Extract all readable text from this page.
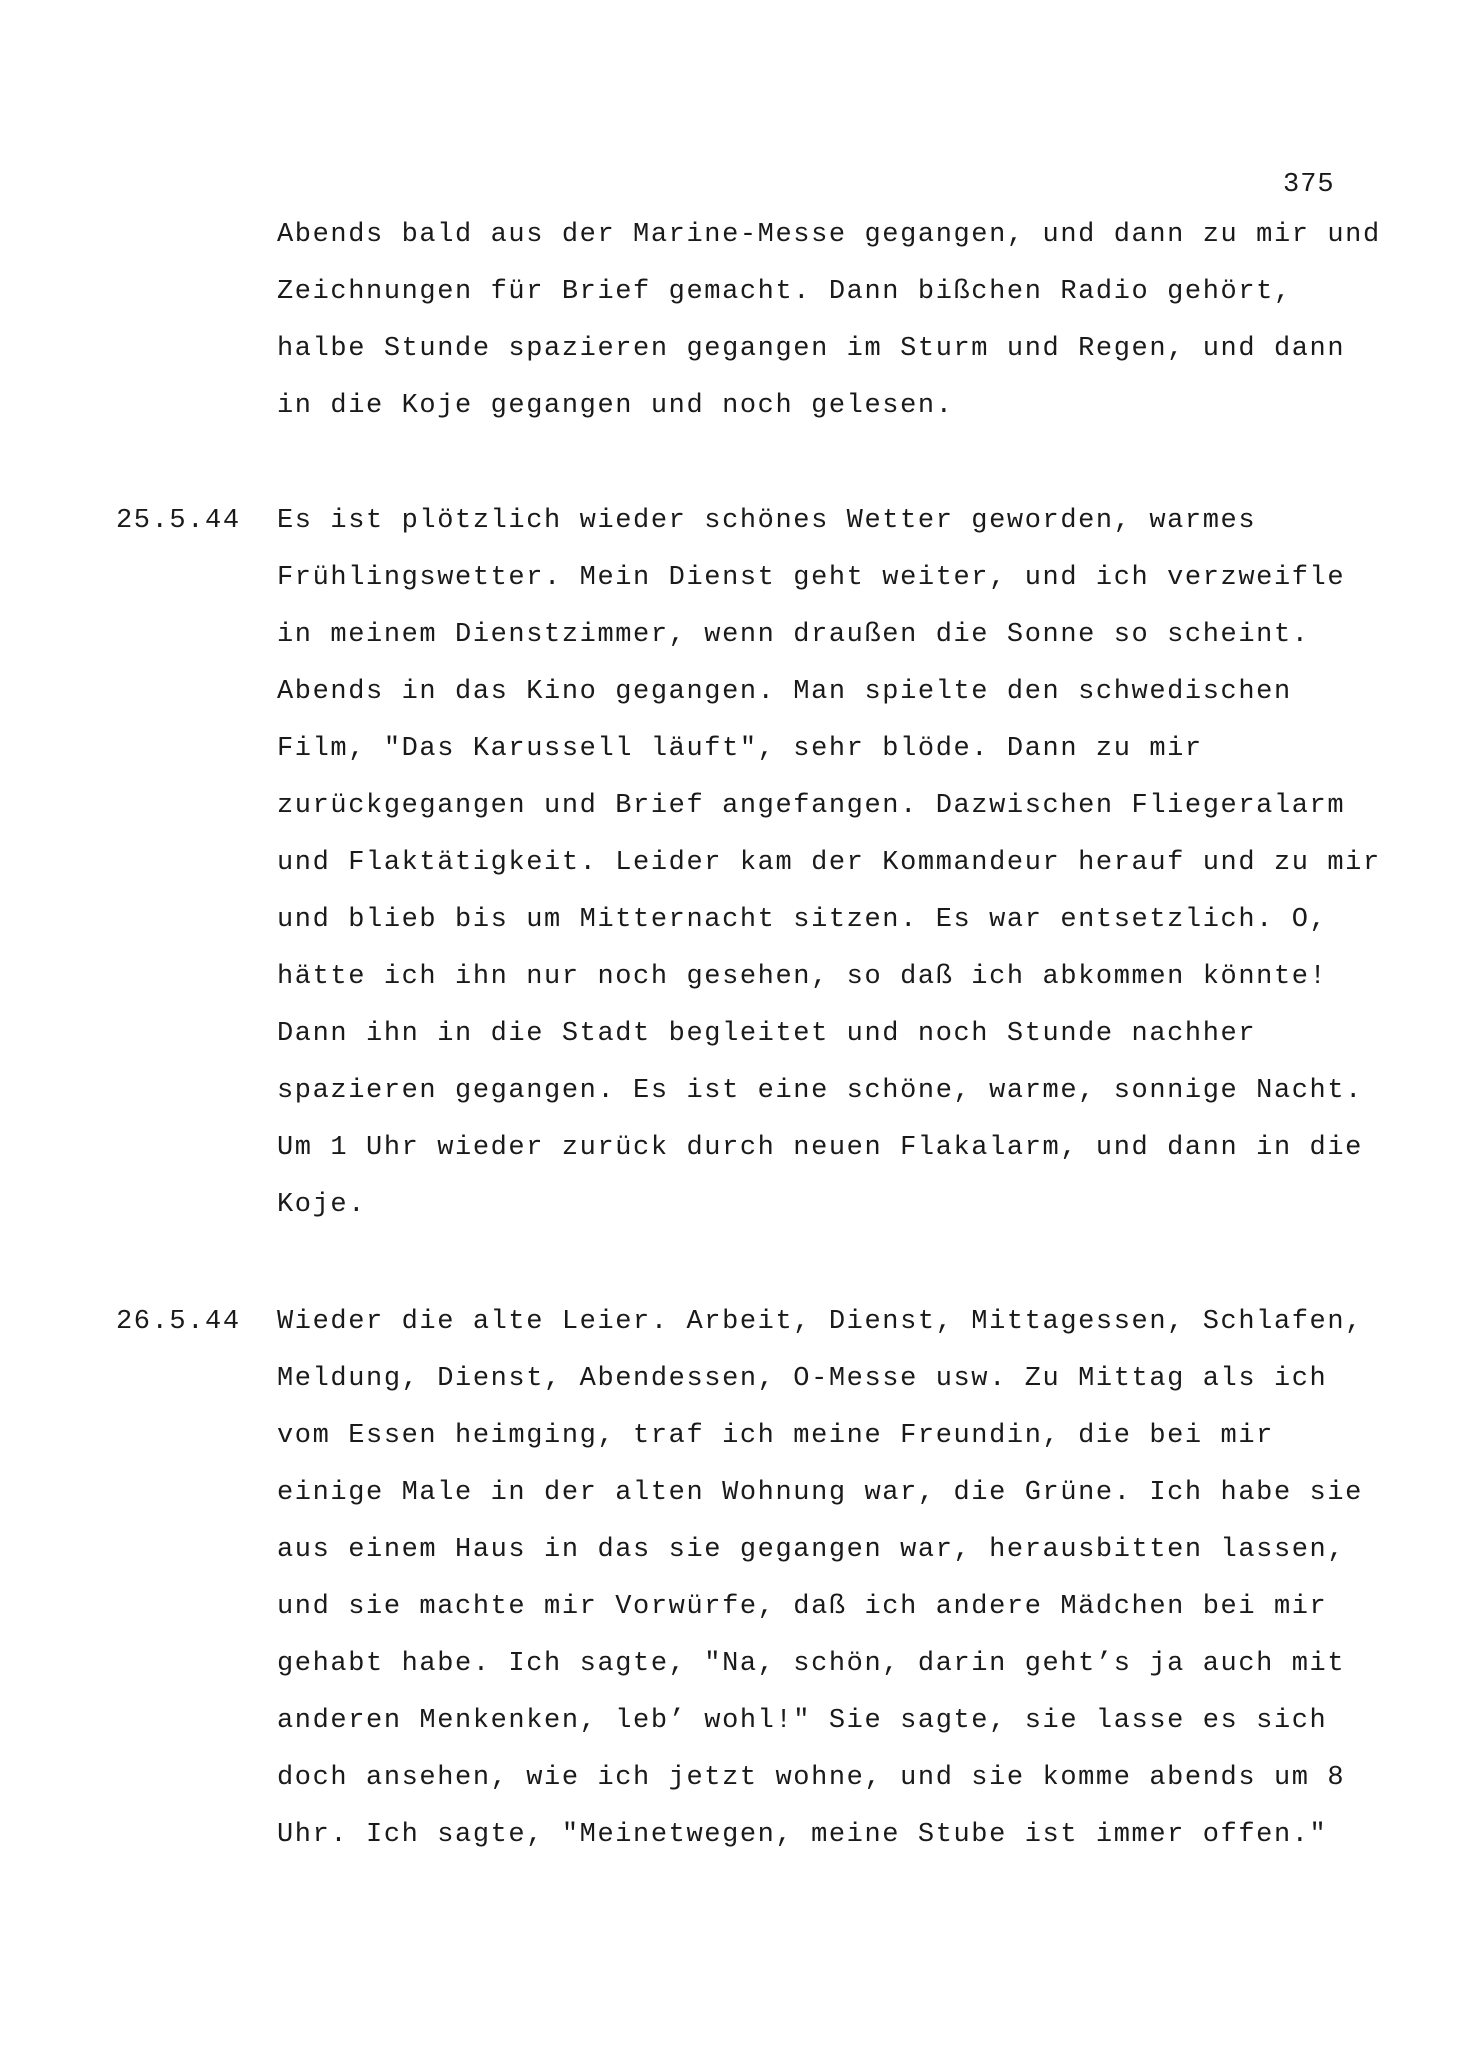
375
Abends bald aus der Marine-Messe gegangen, und dann zu mir und
Zeichnungen für Brief gemacht. Dann bißchen Radio gehört,
halbe Stunde spazieren gegangen im Sturm und Regen, und dann
in die Koje gegangen und noch gelesen.
25.5.44 Es ist plötzlich wieder schönes Wetter geworden, warmes
Frühlingswetter. Mein Dienst geht weiter, und ich verzweifle
in meinem Dienstzimmer, wenn draußen die Sonne so scheint.
Abends in das Kino gegangen. Man spielte den schwedischen
Film, "Das Karussell läuft", sehr blöde. Dann zu mir
zurückgegangen und Brief angefangen. Dazwischen Fliegeralarm
und Flaktätigkeit. Leider kam der Kommandeur herauf und zu mir
und blieb bis um Mitternacht sitzen. Es war entsetzlich. O,
hätte ich ihn nur noch gesehen, so daß ich abkommen könnte!
Dann ihn in die Stadt begleitet und noch Stunde nachher
spazieren gegangen. Es ist eine schöne, warme, sonnige Nacht.
Um 1 Uhr wieder zurück durch neuen Flakalarm, und dann in die
Koje.
26.5.44 Wieder die alte Leier. Arbeit, Dienst, Mittagessen, Schlafen,
Meldung, Dienst, Abendessen, O-Messe usw. Zu Mittag als ich
vom Essen heimging, traf ich meine Freundin, die bei mir
einige Male in der alten Wohnung war, die Grüne. Ich habe sie
aus einem Haus in das sie gegangen war, herausbitten lassen,
und sie machte mir Vorwürfe, daß ich andere Mädchen bei mir
gehabt habe. Ich sagte, "Na, schön, darin geht’s ja auch mit
anderen Menkenken, leb’ wohl!" Sie sagte, sie lasse es sich
doch ansehen, wie ich jetzt wohne, und sie komme abends um 8
Uhr. Ich sagte, "Meinetwegen, meine Stube ist immer offen."
